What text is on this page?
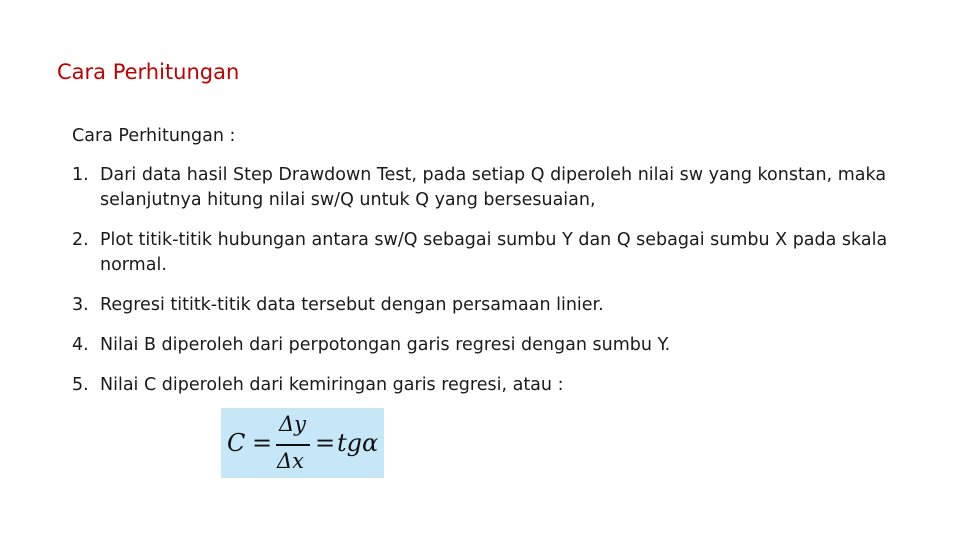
Cara Perhitungan

Cara Perhitungan :

1. Dari data hasil Step Drawdown Test, pada setiap Q diperoleh nilai sw yang konstan, maka selanjutnya hitung nilai sw/Q untuk Q yang bersesuaian,
2. Plot titik-titik hubungan antara sw/Q sebagai sumbu Y dan Q sebagai sumbu X pada skala normal.
3. Regresi tititk-titik data tersebut dengan persamaan linier.
4. Nilai B diperoleh dari perpotongan garis regresi dengan sumbu Y.
5. Nilai C diperoleh dari kemiringan garis regresi, atau :
C =
Δy
Δx
= tgα
